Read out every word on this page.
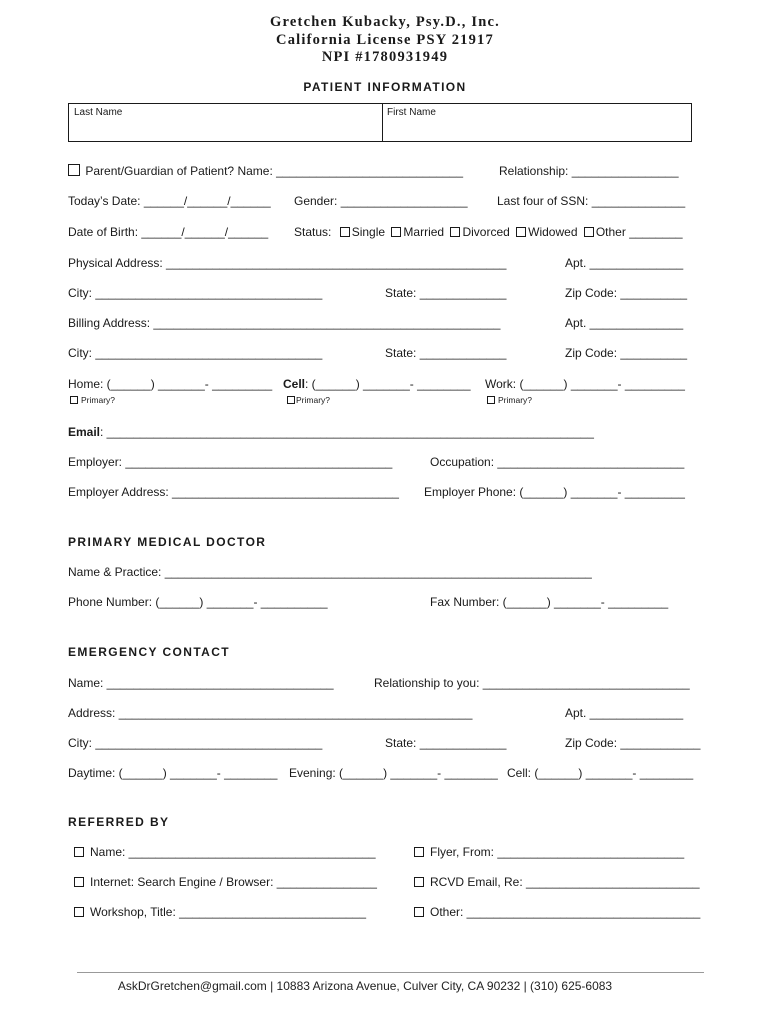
Gretchen Kubacky, Psy.D., Inc.
California License PSY 21917
NPI #1780931949
PATIENT INFORMATION
Last Name	First Name
Parent/Guardian of Patient? Name: ____________________________	Relationship: ________________
Today’s Date: ______/______/______ Gender: ___________________ Last four of SSN: ______________
Date of Birth: ______/______/______ Status: Single Married Divorced Widowed Other ________
Physical Address: ___________________________________________________	Apt. ______________
City: __________________________________	State: _____________	Zip Code: __________
Billing Address: ____________________________________________________	Apt. ______________
City: __________________________________	State: _____________	Zip Code: __________
Home: (______) _______- _________ Cell: (______) _______- ________ Work: (______) _______- _________
Primary?	Primary?	Primary?
Email: _________________________________________________________________________
Employer: ________________________________________	Occupation: ____________________________
Employer Address: __________________________________ Employer Phone: (______) _______- _________
PRIMARY MEDICAL DOCTOR
Name & Practice: ________________________________________________________________
Phone Number: (______) _______- __________	Fax Number: (______) _______- _________
EMERGENCY CONTACT
Name: __________________________________	Relationship to you: _______________________________
Address: _____________________________________________________	Apt. ______________
City: __________________________________	State: _____________	Zip Code: ____________
Daytime: (______) _______- ________ Evening: (______) _______- ________ Cell: (______) _______- ________
REFERRED BY
Name: _____________________________________	Flyer, From: ____________________________
Internet: Search Engine / Browser: _______________	RCVD Email, Re: __________________________
Workshop, Title: ____________________________	Other: ___________________________________
AskDrGretchen@gmail.com | 10883 Arizona Avenue, Culver City, CA 90232 | (310) 625-6083
